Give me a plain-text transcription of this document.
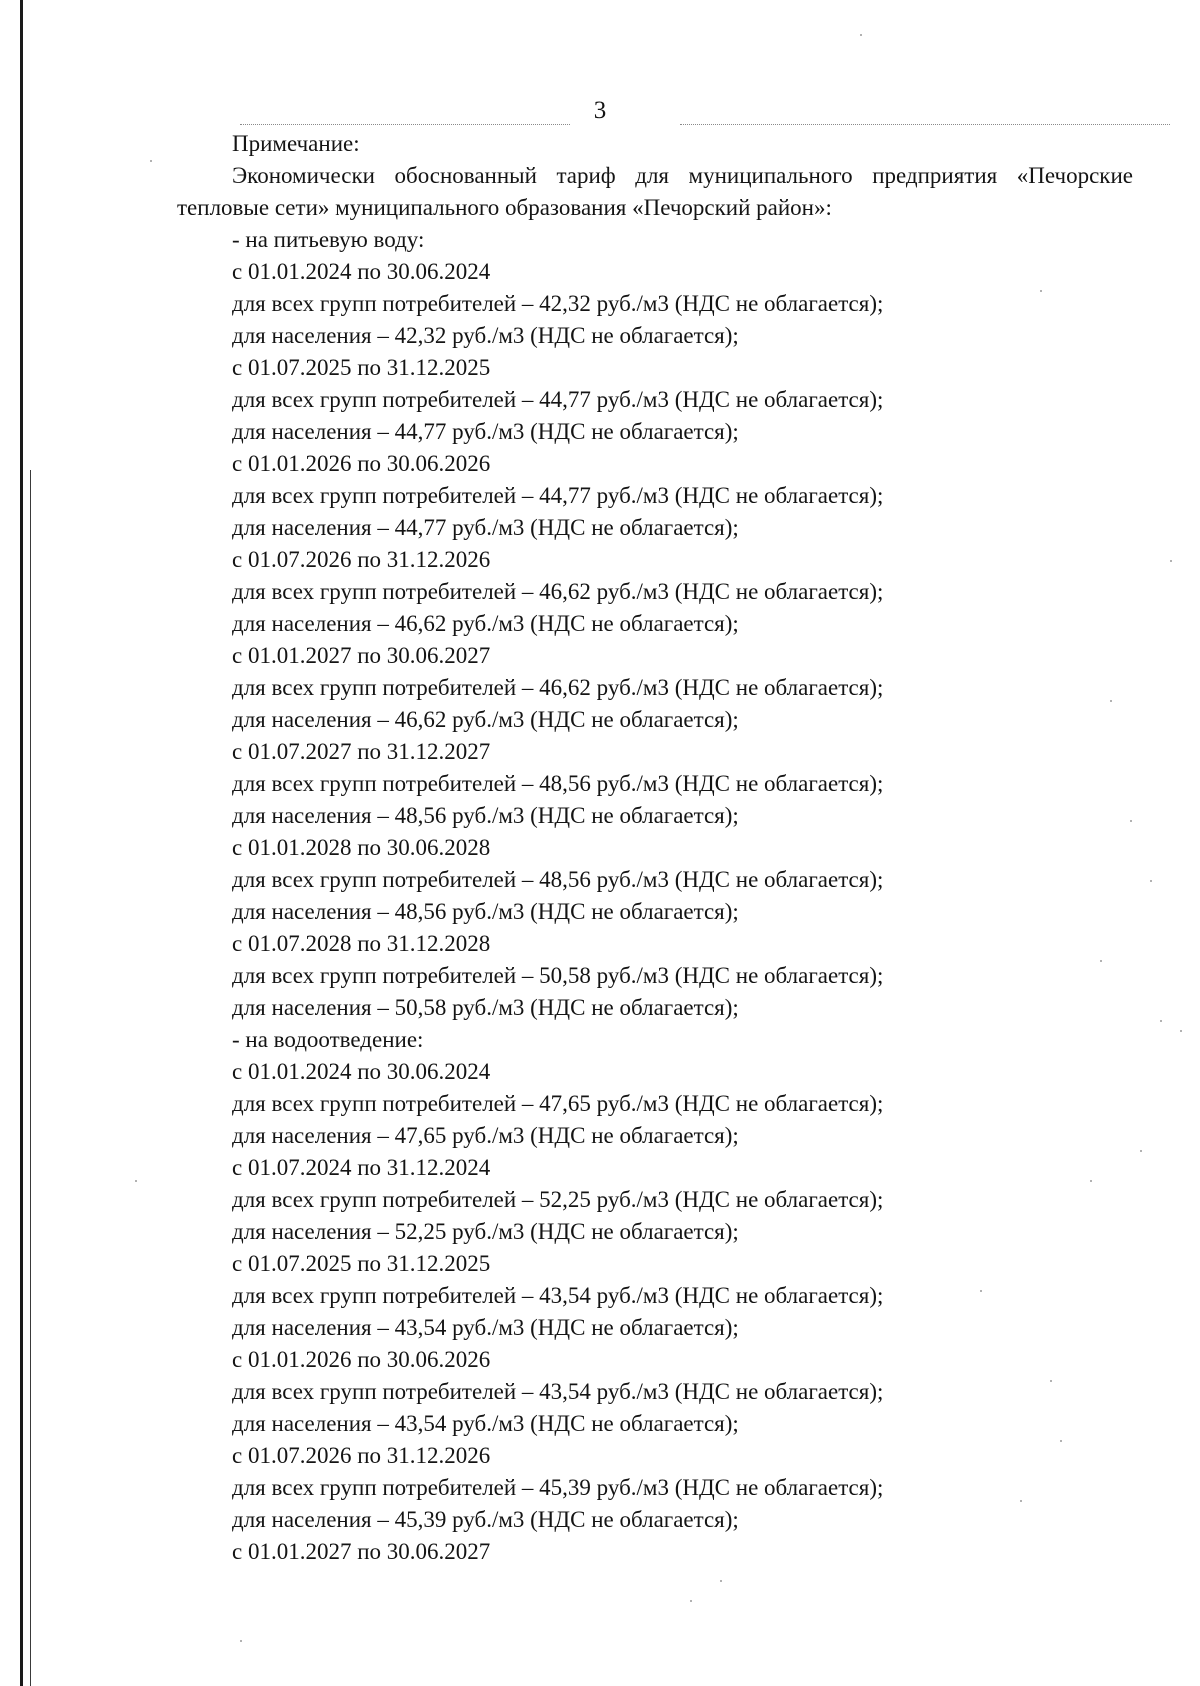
3

Примечание:

Экономически обоснованный тариф для муниципального предприятия «Печорские тепловые сети» муниципального образования «Печорский район»:

- на питьевую воду:
с 01.01.2024 по 30.06.2024
для всех групп потребителей – 42,32 руб./м3 (НДС не облагается);
для населения – 42,32 руб./м3 (НДС не облагается);
с 01.07.2025 по 31.12.2025
для всех групп потребителей – 44,77 руб./м3 (НДС не облагается);
для населения – 44,77 руб./м3 (НДС не облагается);
с 01.01.2026 по 30.06.2026
для всех групп потребителей – 44,77 руб./м3 (НДС не облагается);
для населения – 44,77 руб./м3 (НДС не облагается);
с 01.07.2026 по 31.12.2026
для всех групп потребителей – 46,62 руб./м3 (НДС не облагается);
для населения – 46,62 руб./м3 (НДС не облагается);
с 01.01.2027 по 30.06.2027
для всех групп потребителей – 46,62 руб./м3 (НДС не облагается);
для населения – 46,62 руб./м3 (НДС не облагается);
с 01.07.2027 по 31.12.2027
для всех групп потребителей – 48,56 руб./м3 (НДС не облагается);
для населения – 48,56 руб./м3 (НДС не облагается);
с 01.01.2028 по 30.06.2028
для всех групп потребителей – 48,56 руб./м3 (НДС не облагается);
для населения – 48,56 руб./м3 (НДС не облагается);
с 01.07.2028 по 31.12.2028
для всех групп потребителей – 50,58 руб./м3 (НДС не облагается);
для населения – 50,58 руб./м3 (НДС не облагается);
- на водоотведение:
с 01.01.2024 по 30.06.2024
для всех групп потребителей – 47,65 руб./м3 (НДС не облагается);
для населения – 47,65 руб./м3 (НДС не облагается);
с 01.07.2024 по 31.12.2024
для всех групп потребителей – 52,25 руб./м3 (НДС не облагается);
для населения – 52,25 руб./м3 (НДС не облагается);
с 01.07.2025 по 31.12.2025
для всех групп потребителей – 43,54 руб./м3 (НДС не облагается);
для населения – 43,54 руб./м3 (НДС не облагается);
с 01.01.2026 по 30.06.2026
для всех групп потребителей – 43,54 руб./м3 (НДС не облагается);
для населения – 43,54 руб./м3 (НДС не облагается);
с 01.07.2026 по 31.12.2026
для всех групп потребителей – 45,39 руб./м3 (НДС не облагается);
для населения – 45,39 руб./м3 (НДС не облагается);
с 01.01.2027 по 30.06.2027
